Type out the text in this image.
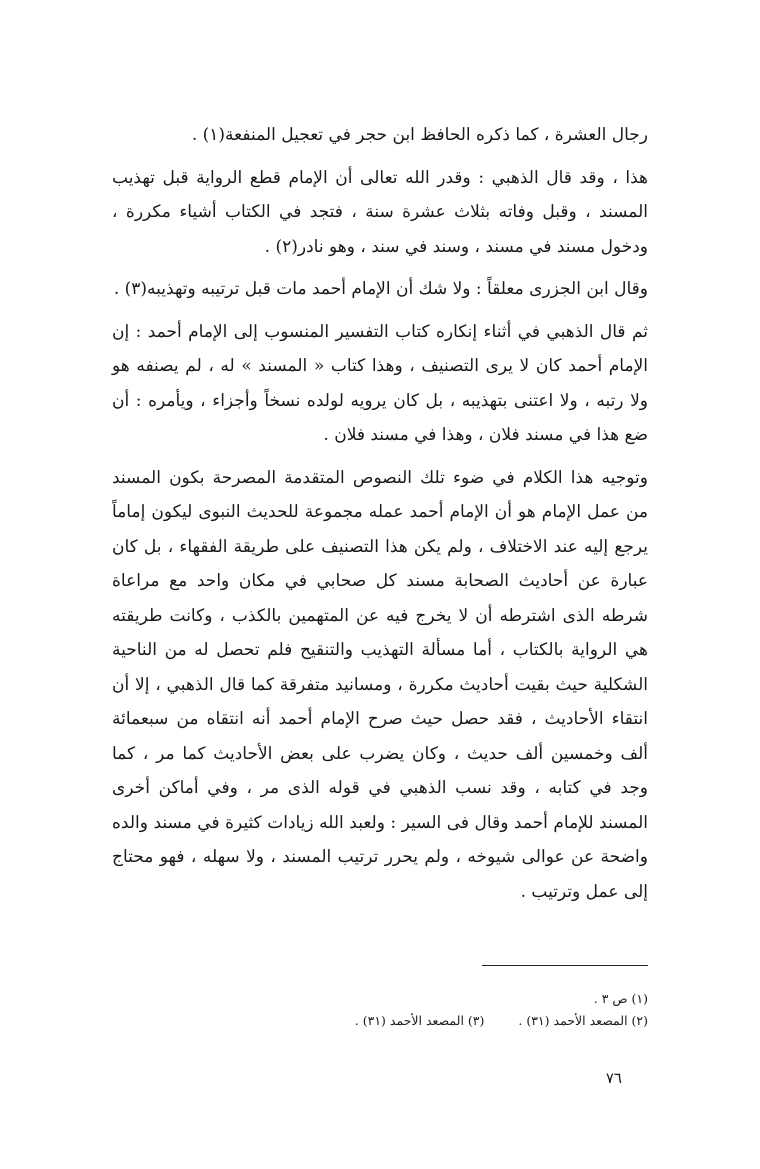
رجال العشرة ، كما ذكره الحافظ ابن حجر في تعجيل المنفعة(١) .

هذا ، وقد قال الذهبي : وقدر الله تعالى أن الإمام قطع الرواية قبل تهذيب المسند ، وقبل وفاته بثلاث عشرة سنة ، فتجد في الكتاب أشياء مكررة ، ودخول مسند في مسند ، وسند في سند ، وهو نادر(٢) .

وقال ابن الجزرى معلقاً : ولا شك أن الإمام أحمد مات قبل ترتيبه وتهذيبه(٣) .

ثم قال الذهبي في أثناء إنكاره كتاب التفسير المنسوب إلى الإمام أحمد : إن الإمام أحمد كان لا يرى التصنيف ، وهذا كتاب « المسند » له ، لم يصنفه هو ولا رتبه ، ولا اعتنى بتهذيبه ، بل كان يرويه لولده نسخاً وأجزاء ، ويأمره : أن ضع هذا في مسند فلان ، وهذا في مسند فلان .

وتوجيه هذا الكلام في ضوء تلك النصوص المتقدمة المصرحة بكون المسند من عمل الإمام هو أن الإمام أحمد عمله مجموعة للحديث النبوى ليكون إماماً يرجع إليه عند الاختلاف ، ولم يكن هذا التصنيف على طريقة الفقهاء ، بل كان عبارة عن أحاديث الصحابة مسند كل صحابي في مكان واحد مع مراعاة شرطه الذى اشترطه أن لا يخرج فيه عن المتهمين بالكذب ، وكانت طريقته هي الرواية بالكتاب ، أما مسألة التهذيب والتنقيح فلم تحصل له من الناحية الشكلية حيث بقيت أحاديث مكررة ، ومسانيد متفرقة كما قال الذهبي ، إلا أن انتقاء الأحاديث ، فقد حصل حيث صرح الإمام أحمد أنه انتقاه من سبعمائة ألف وخمسين ألف حديث ، وكان يضرب على بعض الأحاديث كما مر ، كما وجد في كتابه ، وقد نسب الذهبي في قوله الذى مر ، وفي أماكن أخرى المسند للإمام أحمد وقال فى السير : ولعبد الله زيادات كثيرة في مسند والده واضحة عن عوالى شيوخه ، ولم يحرر ترتيب المسند ، ولا سهله ، فهو محتاج إلى عمل وترتيب .

(١) ص ٣ .
(٢) المصعد الأحمد (٣١) .
(٣) المصعد الأحمد (٣١) .
٧٦
